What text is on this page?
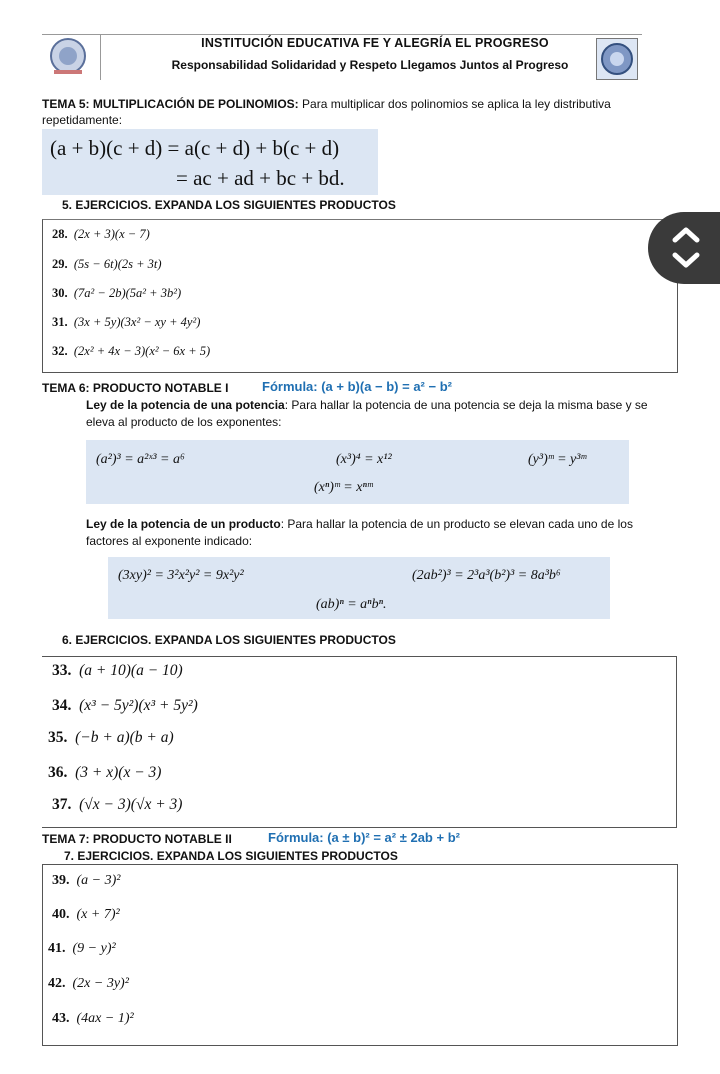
INSTITUCIÓN EDUCATIVA FE Y ALEGRÍA EL PROGRESO
Responsabilidad Solidaridad y Respeto Llegamos Juntos al Progreso
TEMA 5: MULTIPLICACIÓN DE POLINOMIOS: Para multiplicar dos polinomios se aplica la ley distributiva
repetidamente:
(a + b)(c + d) = a(c + d) + b(c + d)
= ac + ad + bc + bd.
5. EJERCICIOS. EXPANDA LOS SIGUIENTES PRODUCTOS
28. (2x + 3)(x − 7)
29. (5s − 6t)(2s + 3t)
30. (7a² − 2b)(5a² + 3b²)
31. (3x + 5y)(3x² − xy + 4y²)
32. (2x² + 4x − 3)(x² − 6x + 5)
TEMA 6: PRODUCTO NOTABLE I	Fórmula: (a + b)(a − b) = a² − b²
Ley de la potencia de una potencia: Para hallar la potencia de una potencia se deja la misma base y se
eleva al producto de los exponentes:
(a²)³ = a²ˣ³ = a⁶	(x³)⁴ = x¹²	(y³)ᵐ = y³ᵐ
(xⁿ)ᵐ = xⁿᵐ
Ley de la potencia de un producto: Para hallar la potencia de un producto se elevan cada uno de los
factores al exponente indicado:
(3xy)² = 3²x²y² = 9x²y²	(2ab²)³ = 2³a³(b²)³ = 8a³b⁶
(ab)ⁿ = aⁿbⁿ.
6. EJERCICIOS. EXPANDA LOS SIGUIENTES PRODUCTOS
33. (a + 10)(a − 10)
34. (x³ − 5y²)(x³ + 5y²)
35. (−b + a)(b + a)
36. (3 + x)(x − 3)
37. (√x − 3)(√x + 3)
TEMA 7: PRODUCTO NOTABLE II	Fórmula: (a ± b)² = a² ± 2ab + b²
7. EJERCICIOS. EXPANDA LOS SIGUIENTES PRODUCTOS
39. (a − 3)²
40. (x + 7)²
41. (9 − y)²
42. (2x − 3y)²
43. (4ax − 1)²
